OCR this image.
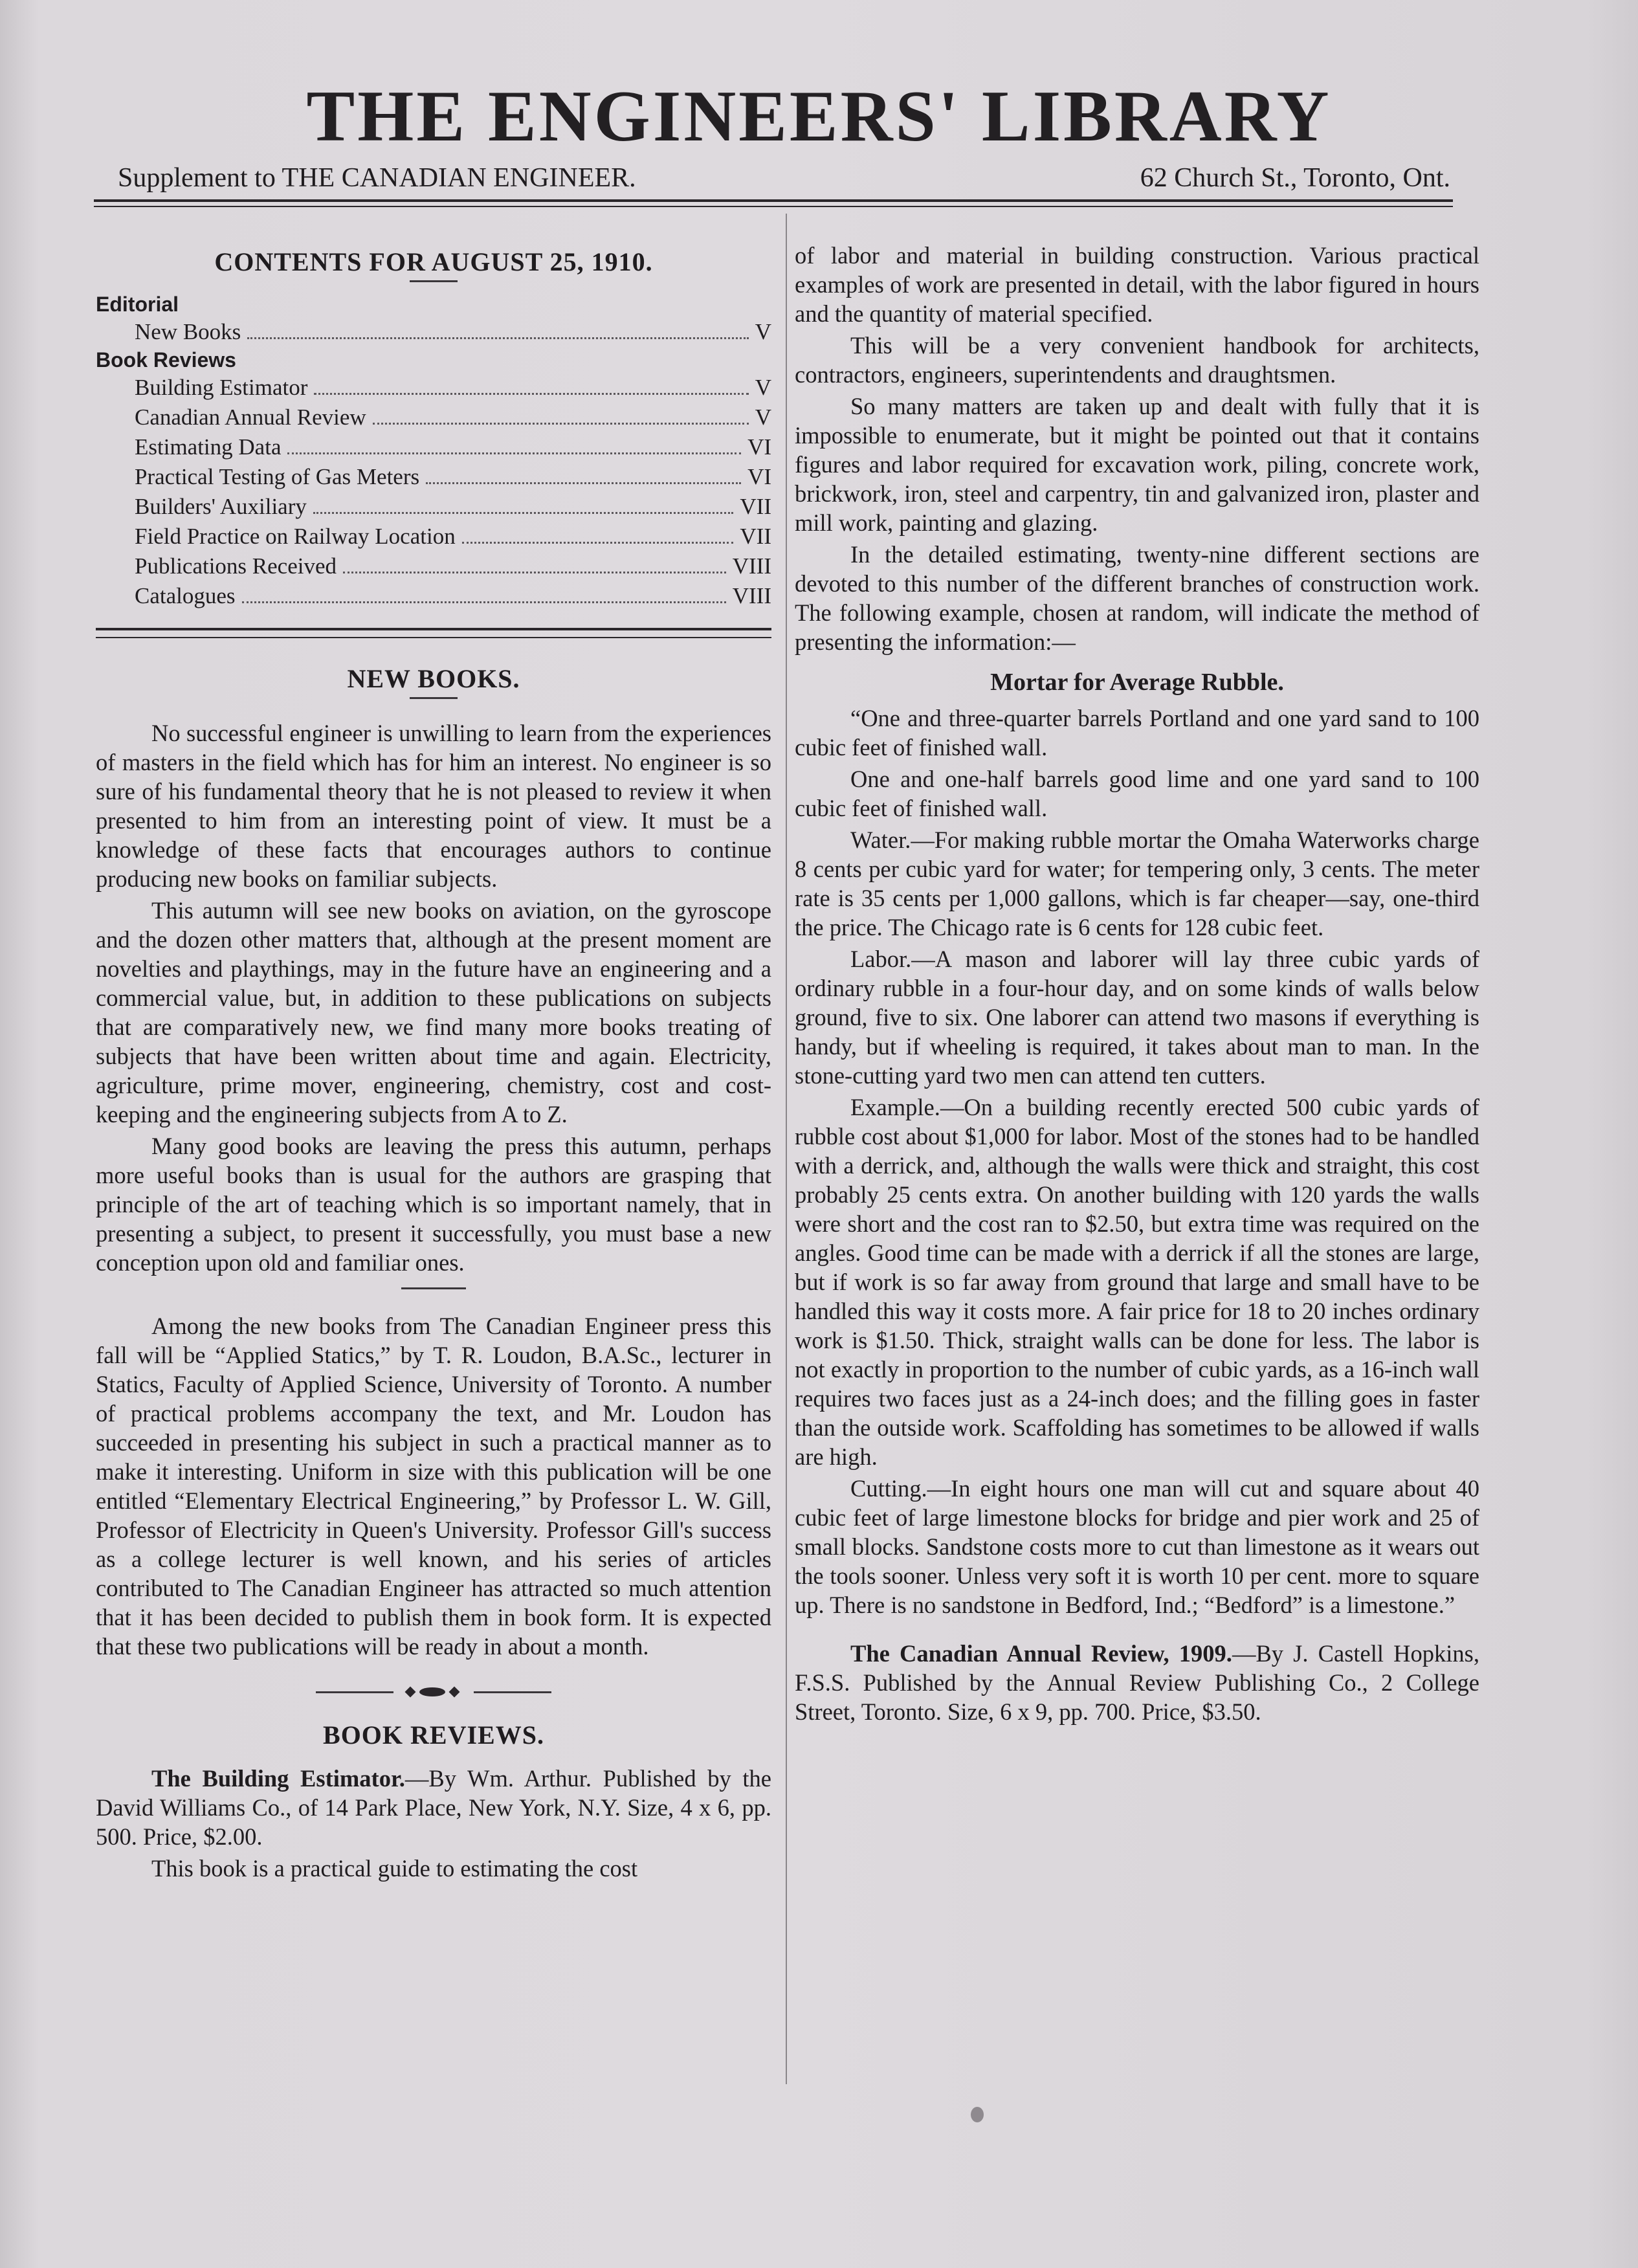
THE ENGINEERS' LIBRARY
Supplement to THE CANADIAN ENGINEER.	62 Church St., Toronto, Ont.
CONTENTS FOR AUGUST 25, 1910.
Editorial
New Books	V
Book Reviews
Building Estimator	V
Canadian Annual Review	V
Estimating Data	VI
Practical Testing of Gas Meters	VI
Builders' Auxiliary	VII
Field Practice on Railway Location	VII
Publications Received	VIII
Catalogues	VIII
NEW BOOKS.

No successful engineer is unwilling to learn from the experiences of masters in the field which has for him an interest. No engineer is so sure of his fundamental theory that he is not pleased to review it when presented to him from an interesting point of view. It must be a knowledge of these facts that encourages authors to continue producing new books on familiar subjects.

This autumn will see new books on aviation, on the gyroscope and the dozen other matters that, although at the present moment are novelties and playthings, may in the future have an engineering and a commercial value, but, in addition to these publications on subjects that are comparatively new, we find many more books treating of subjects that have been written about time and again. Electricity, agriculture, prime mover, engineering, chemistry, cost and cost-keeping and the engineering subjects from A to Z.

Many good books are leaving the press this autumn, perhaps more useful books than is usual for the authors are grasping that principle of the art of teaching which is so important namely, that in presenting a subject, to present it successfully, you must base a new conception upon old and familiar ones.

Among the new books from The Canadian Engineer press this fall will be “Applied Statics,” by T. R. Loudon, B.A.Sc., lecturer in Statics, Faculty of Applied Science, University of Toronto. A number of practical problems accompany the text, and Mr. Loudon has succeeded in presenting his subject in such a practical manner as to make it interesting. Uniform in size with this publication will be one entitled “Elementary Electrical Engineering,” by Professor L. W. Gill, Professor of Electricity in Queen's University. Professor Gill's success as a college lecturer is well known, and his series of articles contributed to The Canadian Engineer has attracted so much attention that it has been decided to publish them in book form. It is expected that these two publications will be ready in about a month.

BOOK REVIEWS.

The Building Estimator.—By Wm. Arthur. Published by the David Williams Co., of 14 Park Place, New York, N.Y. Size, 4 x 6, pp. 500. Price, $2.00.

This book is a practical guide to estimating the cost

of labor and material in building construction. Various practical examples of work are presented in detail, with the labor figured in hours and the quantity of material specified.

This will be a very convenient handbook for architects, contractors, engineers, superintendents and draughtsmen.

So many matters are taken up and dealt with fully that it is impossible to enumerate, but it might be pointed out that it contains figures and labor required for excavation work, piling, concrete work, brickwork, iron, steel and carpentry, tin and galvanized iron, plaster and mill work, painting and glazing.

In the detailed estimating, twenty-nine different sections are devoted to this number of the different branches of construction work. The following example, chosen at random, will indicate the method of presenting the information:—

Mortar for Average Rubble.

“One and three-quarter barrels Portland and one yard sand to 100 cubic feet of finished wall.

One and one-half barrels good lime and one yard sand to 100 cubic feet of finished wall.

Water.—For making rubble mortar the Omaha Waterworks charge 8 cents per cubic yard for water; for tempering only, 3 cents. The meter rate is 35 cents per 1,000 gallons, which is far cheaper—say, one-third the price. The Chicago rate is 6 cents for 128 cubic feet.

Labor.—A mason and laborer will lay three cubic yards of ordinary rubble in a four-hour day, and on some kinds of walls below ground, five to six. One laborer can attend two masons if everything is handy, but if wheeling is required, it takes about man to man. In the stone-cutting yard two men can attend ten cutters.

Example.—On a building recently erected 500 cubic yards of rubble cost about $1,000 for labor. Most of the stones had to be handled with a derrick, and, although the walls were thick and straight, this cost probably 25 cents extra. On another building with 120 yards the walls were short and the cost ran to $2.50, but extra time was required on the angles. Good time can be made with a derrick if all the stones are large, but if work is so far away from ground that large and small have to be handled this way it costs more. A fair price for 18 to 20 inches ordinary work is $1.50. Thick, straight walls can be done for less. The labor is not exactly in proportion to the number of cubic yards, as a 16-inch wall requires two faces just as a 24-inch does; and the filling goes in faster than the outside work. Scaffolding has sometimes to be allowed if walls are high.

Cutting.—In eight hours one man will cut and square about 40 cubic feet of large limestone blocks for bridge and pier work and 25 of small blocks. Sandstone costs more to cut than limestone as it wears out the tools sooner. Unless very soft it is worth 10 per cent. more to square up. There is no sandstone in Bedford, Ind.; “Bedford” is a limestone.”

The Canadian Annual Review, 1909.—By J. Castell Hopkins, F.S.S. Published by the Annual Review Publishing Co., 2 College Street, Toronto. Size, 6 x 9, pp. 700. Price, $3.50.
